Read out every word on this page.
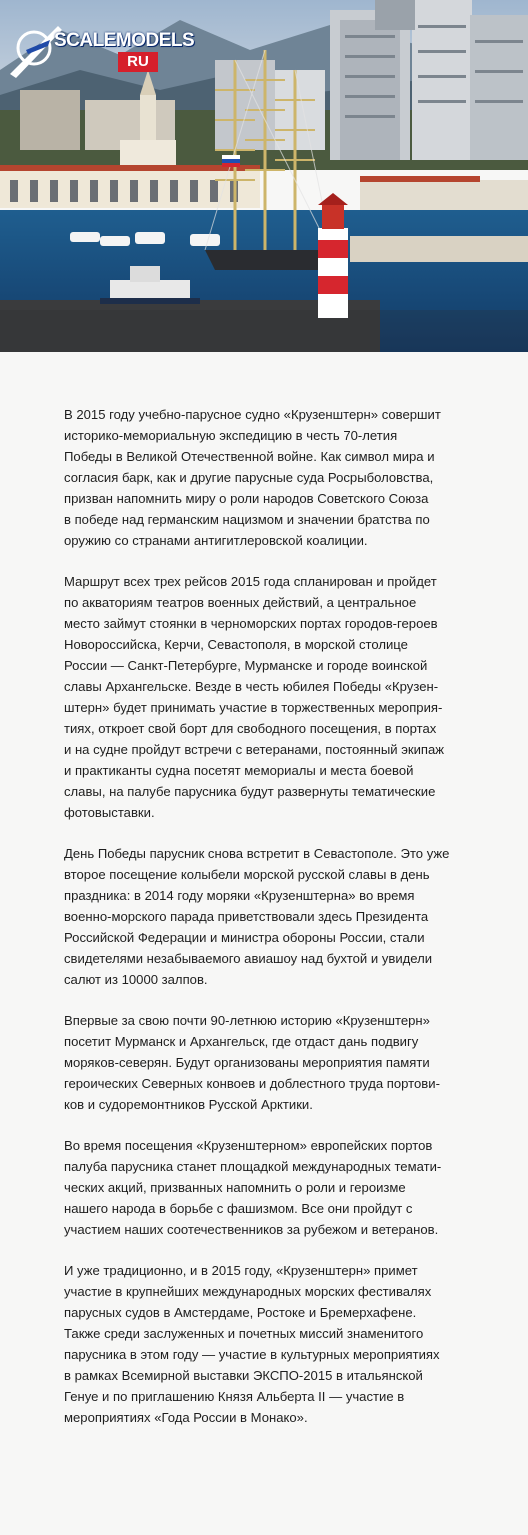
SCALEMODELS
RU

В 2015 году учебно-парусное судно «Крузенштерн» совершит
историко-мемориальную экспедицию в честь 70-летия
Победы в Великой Отечественной войне. Как символ мира и
согласия барк, как и другие парусные суда Росрыболовства,
призван напомнить миру о роли народов Советского Союза
в победе над германским нацизмом и значении братства по
оружию со странами антигитлеровской коалиции.

Маршрут всех трех рейсов 2015 года спланирован и пройдет
по акваториям театров военных действий, а центральное
место займут стоянки в черноморских портах городов-героев
Новороссийска, Керчи, Севастополя, в морской столице
России — Санкт-Петербурге, Мурманске и городе воинской
славы Архангельске. Везде в честь юбилея Победы «Крузен-
штерн» будет принимать участие в торжественных мероприя-
тиях, откроет свой борт для свободного посещения, в портах
и на судне пройдут встречи с ветеранами, постоянный экипаж
и практиканты судна посетят мемориалы и места боевой
славы, на палубе парусника будут развернуты тематические
фотовыставки.

День Победы парусник снова встретит в Севастополе. Это уже
второе посещение колыбели морской русской славы в день
праздника: в 2014 году моряки «Крузенштерна» во время
военно-морского парада приветствовали здесь Президента
Российской Федерации и министра обороны России, стали
свидетелями незабываемого авиашоу над бухтой и увидели
салют из 10000 залпов.

Впервые за свою почти 90-летнюю историю «Крузенштерн»
посетит Мурманск и Архангельск, где отдаст дань подвигу
моряков-северян. Будут организованы мероприятия памяти
героических Северных конвоев и доблестного труда портови-
ков и судоремонтников Русской Арктики.

Во время посещения «Крузенштерном» европейских портов
палуба парусника станет площадкой международных темати-
ческих акций, призванных напомнить о роли и героизме
нашего народа в борьбе с фашизмом. Все они пройдут с
участием наших соотечественников за рубежом и ветеранов.

И уже традиционно, и в 2015 году, «Крузенштерн» примет
участие в крупнейших международных морских фестивалях
парусных судов в Амстердаме, Ростоке и Бремерхафене.
Также среди заслуженных и почетных миссий знаменитого
парусника в этом году — участие в культурных мероприятиях
в рамках Всемирной выставки ЭКСПО-2015 в итальянской
Генуе и по приглашению Князя Альберта II — участие в
мероприятиях «Года России в Монако».
